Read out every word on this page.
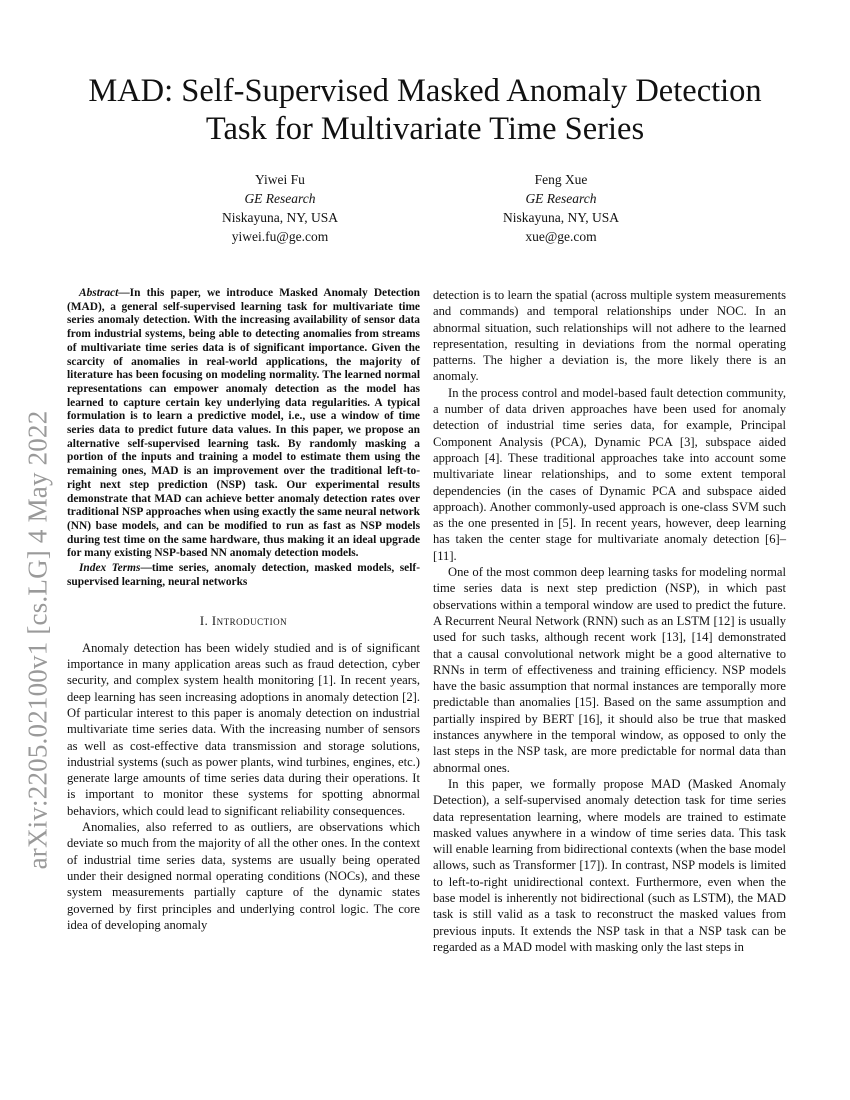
arXiv:2205.02100v1 [cs.LG] 4 May 2022
MAD: Self-Supervised Masked Anomaly Detection Task for Multivariate Time Series
Yiwei Fu
GE Research
Niskayuna, NY, USA
yiwei.fu@ge.com
Feng Xue
GE Research
Niskayuna, NY, USA
xue@ge.com

Abstract—In this paper, we introduce Masked Anomaly Detection (MAD), a general self-supervised learning task for multivariate time series anomaly detection. With the increasing availability of sensor data from industrial systems, being able to detecting anomalies from streams of multivariate time series data is of significant importance. Given the scarcity of anomalies in real-world applications, the majority of literature has been focusing on modeling normality. The learned normal representations can empower anomaly detection as the model has learned to capture certain key underlying data regularities. A typical formulation is to learn a predictive model, i.e., use a window of time series data to predict future data values. In this paper, we propose an alternative self-supervised learning task. By randomly masking a portion of the inputs and training a model to estimate them using the remaining ones, MAD is an improvement over the traditional left-to-right next step prediction (NSP) task. Our experimental results demonstrate that MAD can achieve better anomaly detection rates over traditional NSP approaches when using exactly the same neural network (NN) base models, and can be modified to run as fast as NSP models during test time on the same hardware, thus making it an ideal upgrade for many existing NSP-based NN anomaly detection models.

Index Terms—time series, anomaly detection, masked models, self-supervised learning, neural networks

I. Introduction

Anomaly detection has been widely studied and is of significant importance in many application areas such as fraud detection, cyber security, and complex system health monitoring [1]. In recent years, deep learning has seen increasing adoptions in anomaly detection [2]. Of particular interest to this paper is anomaly detection on industrial multivariate time series data. With the increasing number of sensors as well as cost-effective data transmission and storage solutions, industrial systems (such as power plants, wind turbines, engines, etc.) generate large amounts of time series data during their operations. It is important to monitor these systems for spotting abnormal behaviors, which could lead to significant reliability consequences.

Anomalies, also referred to as outliers, are observations which deviate so much from the majority of all the other ones. In the context of industrial time series data, systems are usually being operated under their designed normal operating conditions (NOCs), and these system measurements partially capture of the dynamic states governed by first principles and underlying control logic. The core idea of developing anomaly

detection is to learn the spatial (across multiple system measurements and commands) and temporal relationships under NOC. In an abnormal situation, such relationships will not adhere to the learned representation, resulting in deviations from the normal operating patterns. The higher a deviation is, the more likely there is an anomaly.

In the process control and model-based fault detection community, a number of data driven approaches have been used for anomaly detection of industrial time series data, for example, Principal Component Analysis (PCA), Dynamic PCA [3], subspace aided approach [4]. These traditional approaches take into account some multivariate linear relationships, and to some extent temporal dependencies (in the cases of Dynamic PCA and subspace aided approach). Another commonly-used approach is one-class SVM such as the one presented in [5]. In recent years, however, deep learning has taken the center stage for multivariate anomaly detection [6]–[11].

One of the most common deep learning tasks for modeling normal time series data is next step prediction (NSP), in which past observations within a temporal window are used to predict the future. A Recurrent Neural Network (RNN) such as an LSTM [12] is usually used for such tasks, although recent work [13], [14] demonstrated that a causal convolutional network might be a good alternative to RNNs in term of effectiveness and training efficiency. NSP models have the basic assumption that normal instances are temporally more predictable than anomalies [15]. Based on the same assumption and partially inspired by BERT [16], it should also be true that masked instances anywhere in the temporal window, as opposed to only the last steps in the NSP task, are more predictable for normal data than abnormal ones.

In this paper, we formally propose MAD (Masked Anomaly Detection), a self-supervised anomaly detection task for time series data representation learning, where models are trained to estimate masked values anywhere in a window of time series data. This task will enable learning from bidirectional contexts (when the base model allows, such as Transformer [17]). In contrast, NSP models is limited to left-to-right unidirectional context. Furthermore, even when the base model is inherently not bidirectional (such as LSTM), the MAD task is still valid as a task to reconstruct the masked values from previous inputs. It extends the NSP task in that a NSP task can be regarded as a MAD model with masking only the last steps in
